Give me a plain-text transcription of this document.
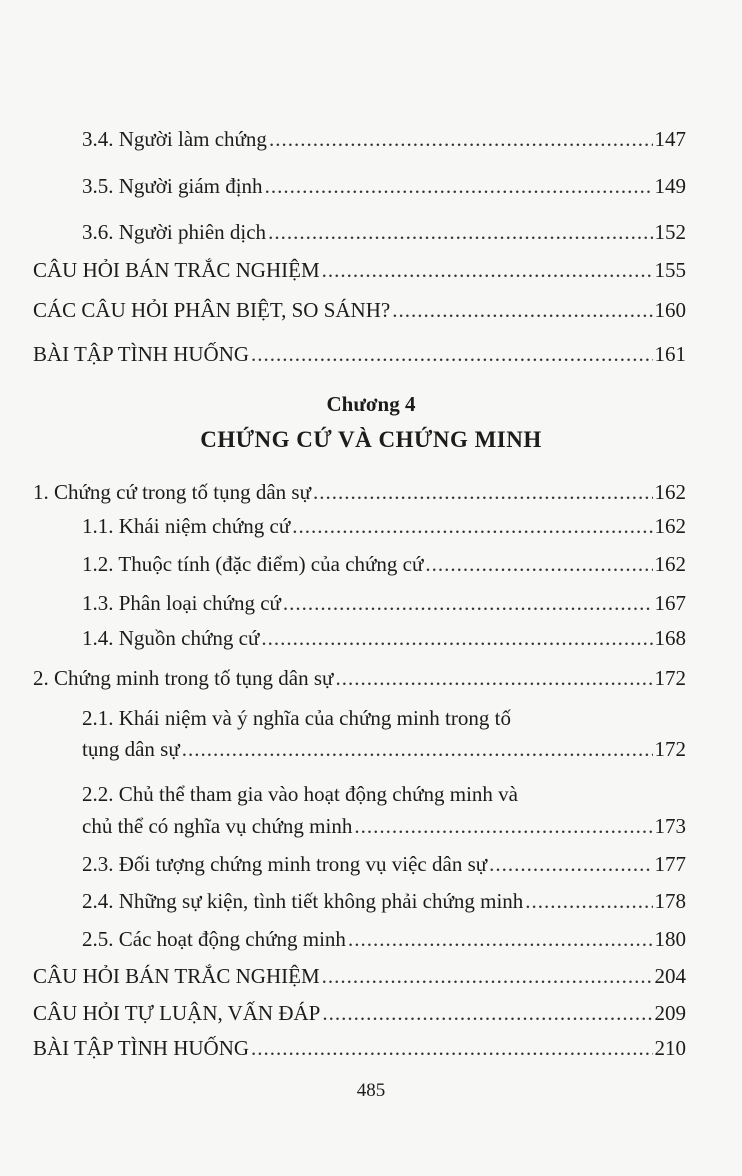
3.4. Người làm chứng .....	147
3.5. Người giám định .....	149
3.6. Người phiên dịch .....	152
CÂU HỎI BÁN TRẮC NGHIỆM .....	155
CÁC CÂU HỎI PHÂN BIỆT, SO SÁNH? .....	160
BÀI TẬP TÌNH HUỐNG .....	161
Chương 4
CHỨNG CỨ VÀ CHỨNG MINH
1. Chứng cứ trong tố tụng dân sự .....	162
1.1. Khái niệm chứng cứ .....	162
1.2. Thuộc tính (đặc điểm) của chứng cứ .....	162
1.3. Phân loại chứng cứ .....	167
1.4. Nguồn chứng cứ .....	168
2. Chứng minh trong tố tụng dân sự .....	172
2.1. Khái niệm và ý nghĩa của chứng minh trong tố
tụng dân sự .....	172
2.2. Chủ thể tham gia vào hoạt động chứng minh và
chủ thể có nghĩa vụ chứng minh .....	173
2.3. Đối tượng chứng minh trong vụ việc dân sự .....	177
2.4. Những sự kiện, tình tiết không phải chứng minh .....	178
2.5. Các hoạt động chứng minh .....	180
CÂU HỎI BÁN TRẮC NGHIỆM .....	204
CÂU HỎI TỰ LUẬN, VẤN ĐÁP .....	209
BÀI TẬP TÌNH HUỐNG .....	210
485
